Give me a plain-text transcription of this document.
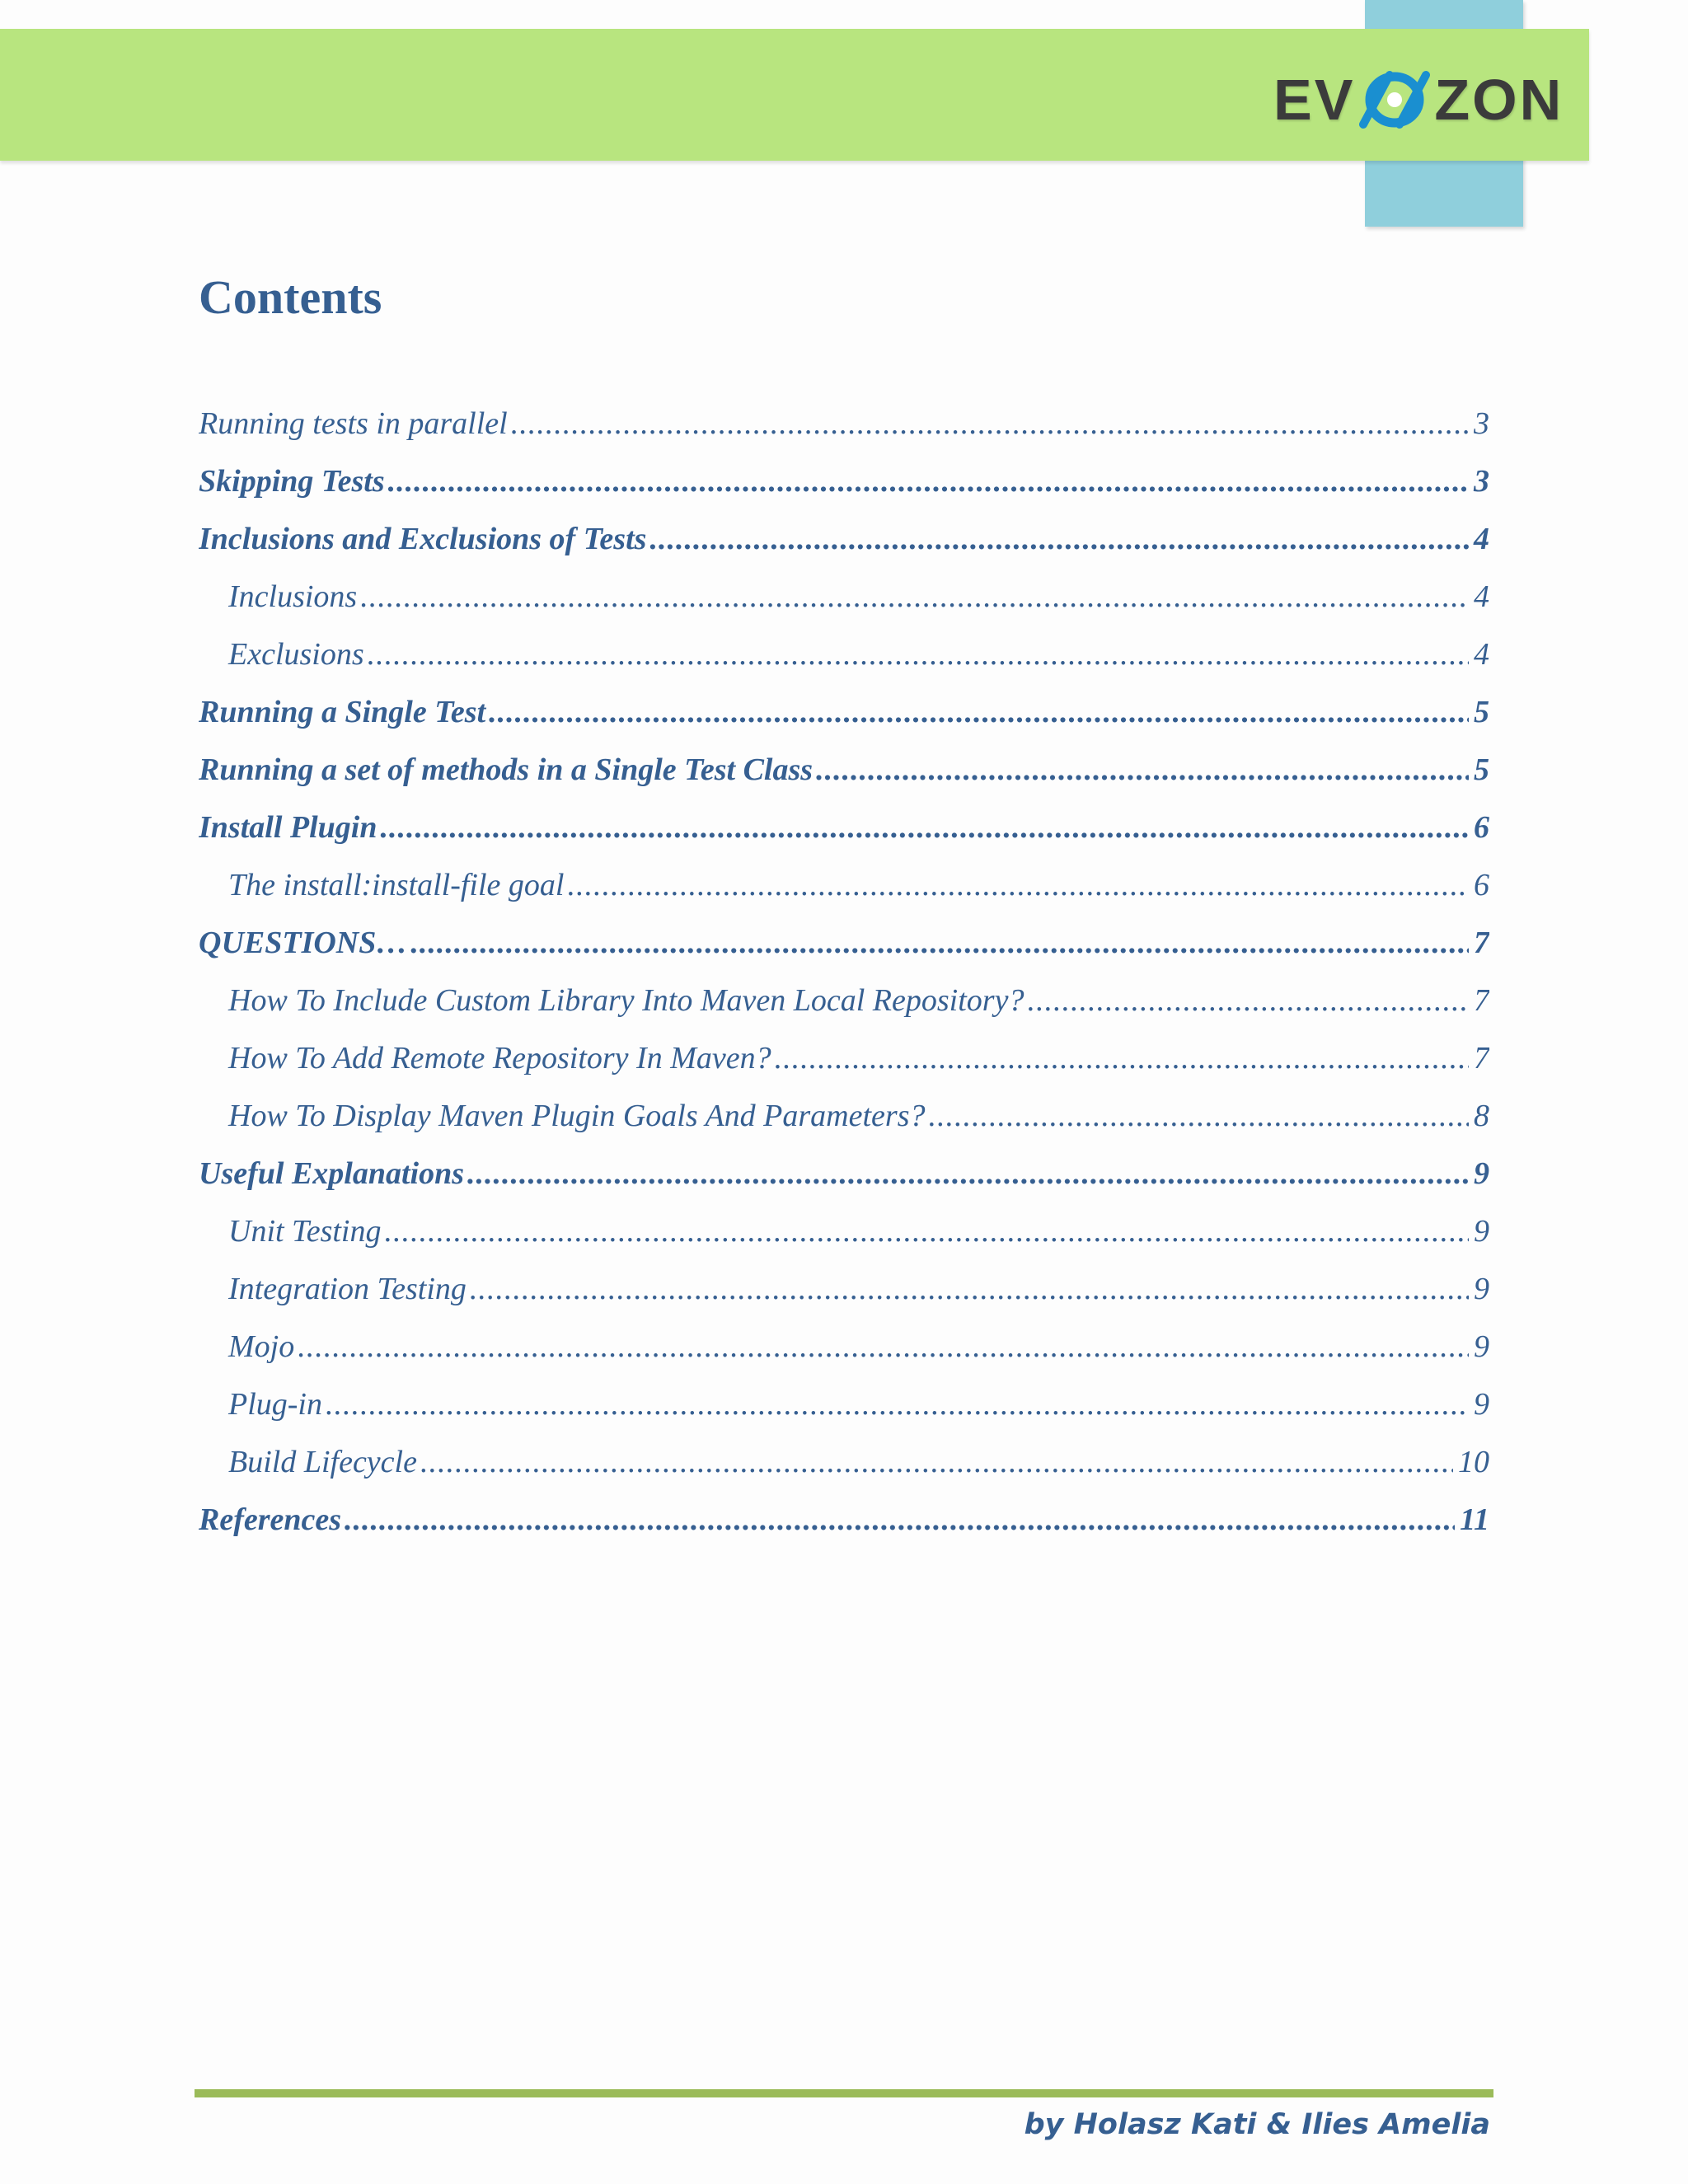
EV ZON
Contents
Running tests in parallel .....	3
Skipping Tests .....	3
Inclusions and Exclusions of Tests .....	4
Inclusions .....	4
Exclusions .....	4
Running a Single Test .....	5
Running a set of methods in a Single Test Class .....	5
Install Plugin .....	6
The install:install-file goal .....	6
QUESTIONS… .....	7
How To Include Custom Library Into Maven Local Repository? .....	7
How To Add Remote Repository In Maven? .....	7
How To Display Maven Plugin Goals And Parameters? .....	8
Useful Explanations .....	9
Unit Testing .....	9
Integration Testing .....	9
Mojo .....	9
Plug-in .....	9
Build Lifecycle .....	10
References .....	11
by Holasz Kati & Ilies Amelia
